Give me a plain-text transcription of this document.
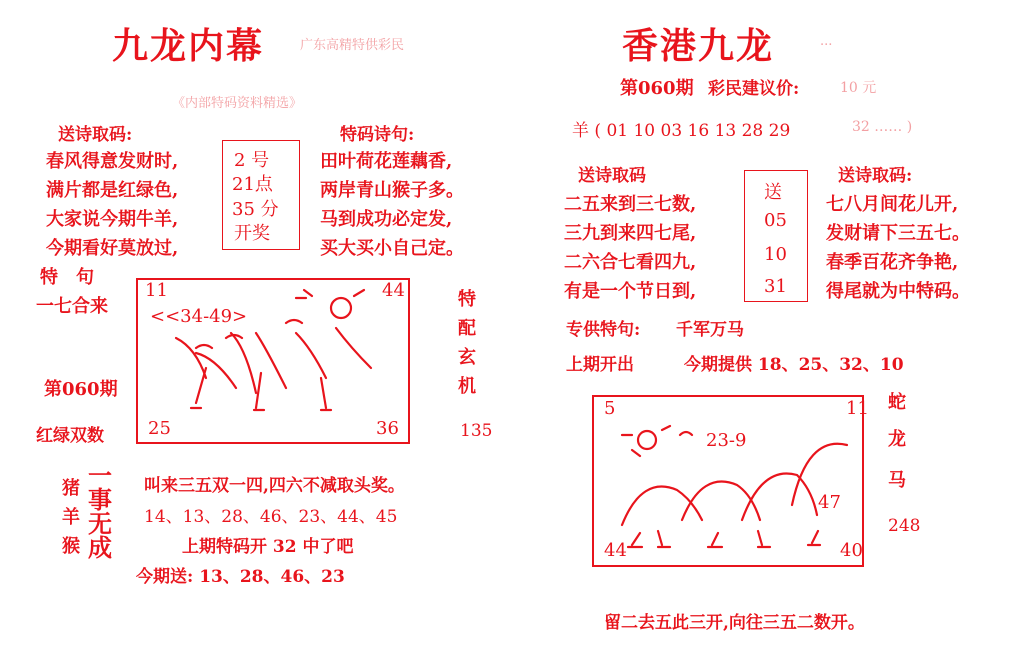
九龙内幕	广东高精特供彩民
《内部特码资料精选》
送诗取码:	特码诗句:
春风得意发财时,
满片都是红绿色,
大家说今期牛羊,
今期看好莫放过,
2 号
21点
35 分
开奖
田叶荷花莲藕香,
两岸青山猴子多。
马到成功必定发,
买大买小自己定。
特　句
一七合来
第060期
红绿双数
11	44
25	36
<<34-49>
特
配
玄
机
135
猪
羊
猴
一
事
无
成
叫来三五双一四,四六不减取头奖。
14、13、28、46、23、44、45
上期特码开 32 中了吧
今期送: 13、28、46、23
香港九龙	...
第060期 彩民建议价:	10 元
羊 ( 01 10 03 16 13 28 29	32 …… )
送诗取码	送诗取码:
二五来到三七数,
三九到来四七尾,
二六合七看四九,
有是一个节日到,
送
05
10
31
七八月间花儿开,
发财请下三五七。
春季百花齐争艳,
得尾就为中特码。
专供特句: 千军万马
上期开出	今期提供 18、25、32、10
5	11
44	40
47
23-9
蛇
龙
马
248
留二去五此三开,向往三五二数开。
